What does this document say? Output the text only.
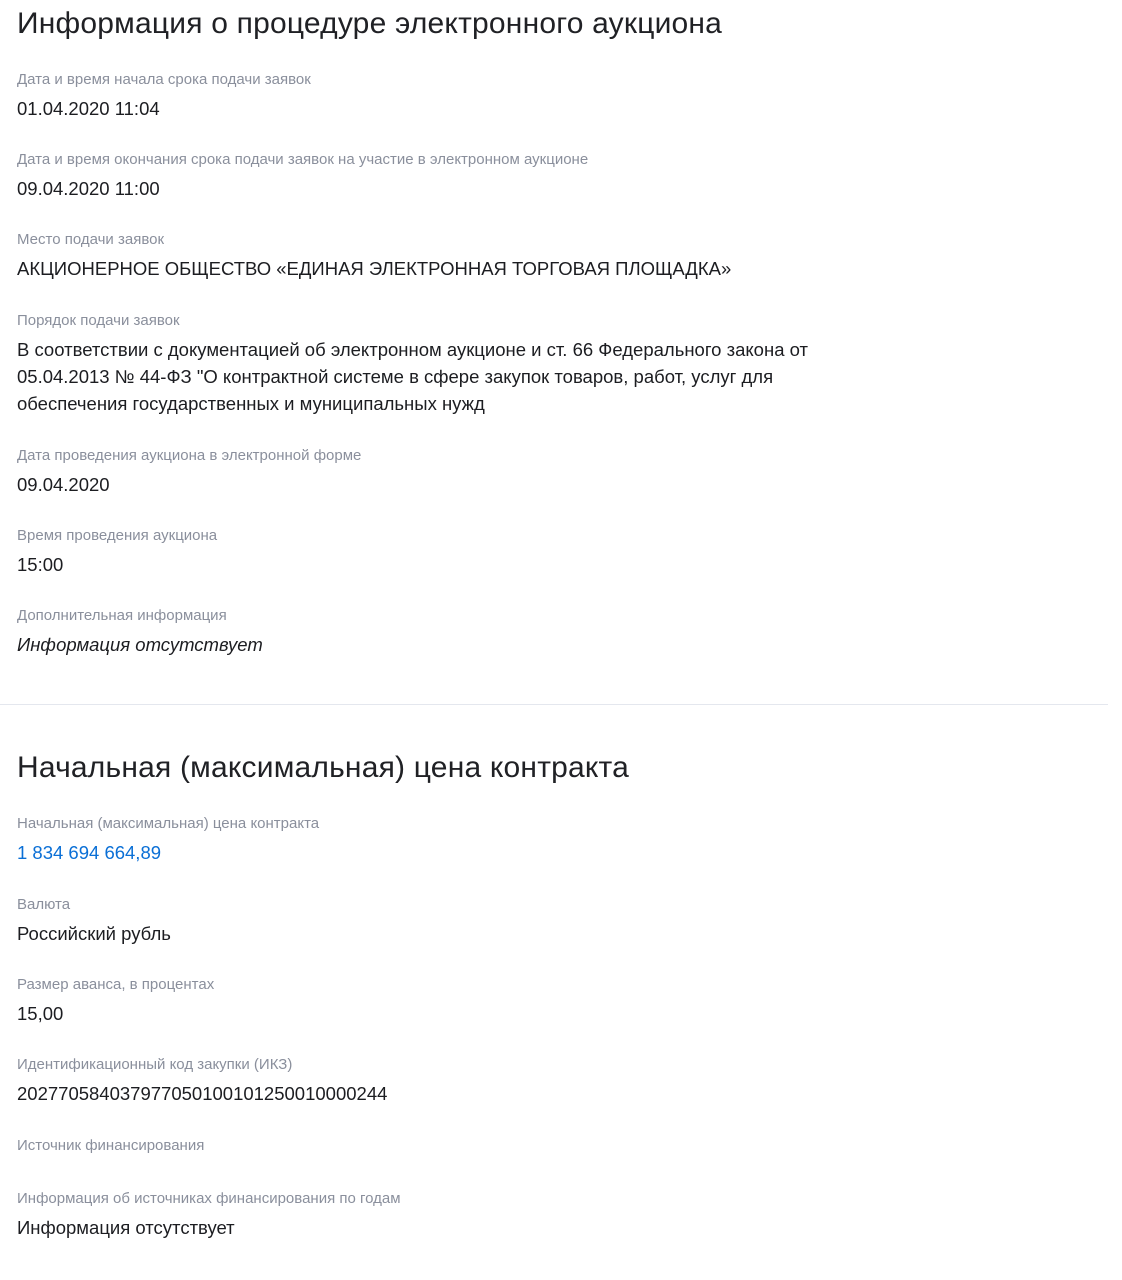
Информация о процедуре электронного аукциона

Дата и время начала срока подачи заявок

01.04.2020 11:04

Дата и время окончания срока подачи заявок на участие в электронном аукционе

09.04.2020 11:00

Место подачи заявок

АКЦИОНЕРНОЕ ОБЩЕСТВО «ЕДИНАЯ ЭЛЕКТРОННАЯ ТОРГОВАЯ ПЛОЩАДКА»

Порядок подачи заявок

В соответствии с документацией об электронном аукционе и ст. 66 Федерального закона от 05.04.2013 № 44-ФЗ "О контрактной системе в сфере закупок товаров, работ, услуг для обеспечения государственных и муниципальных нужд

Дата проведения аукциона в электронной форме

09.04.2020

Время проведения аукциона

15:00

Дополнительная информация

Информация отсутствует

Начальная (максимальная) цена контракта

Начальная (максимальная) цена контракта

1 834 694 664,89

Валюта

Российский рубль

Размер аванса, в процентах

15,00

Идентификационный код закупки (ИКЗ)

202770584037977050100101250010000244

Источник финансирования

Информация об источниках финансирования по годам

Информация отсутствует
